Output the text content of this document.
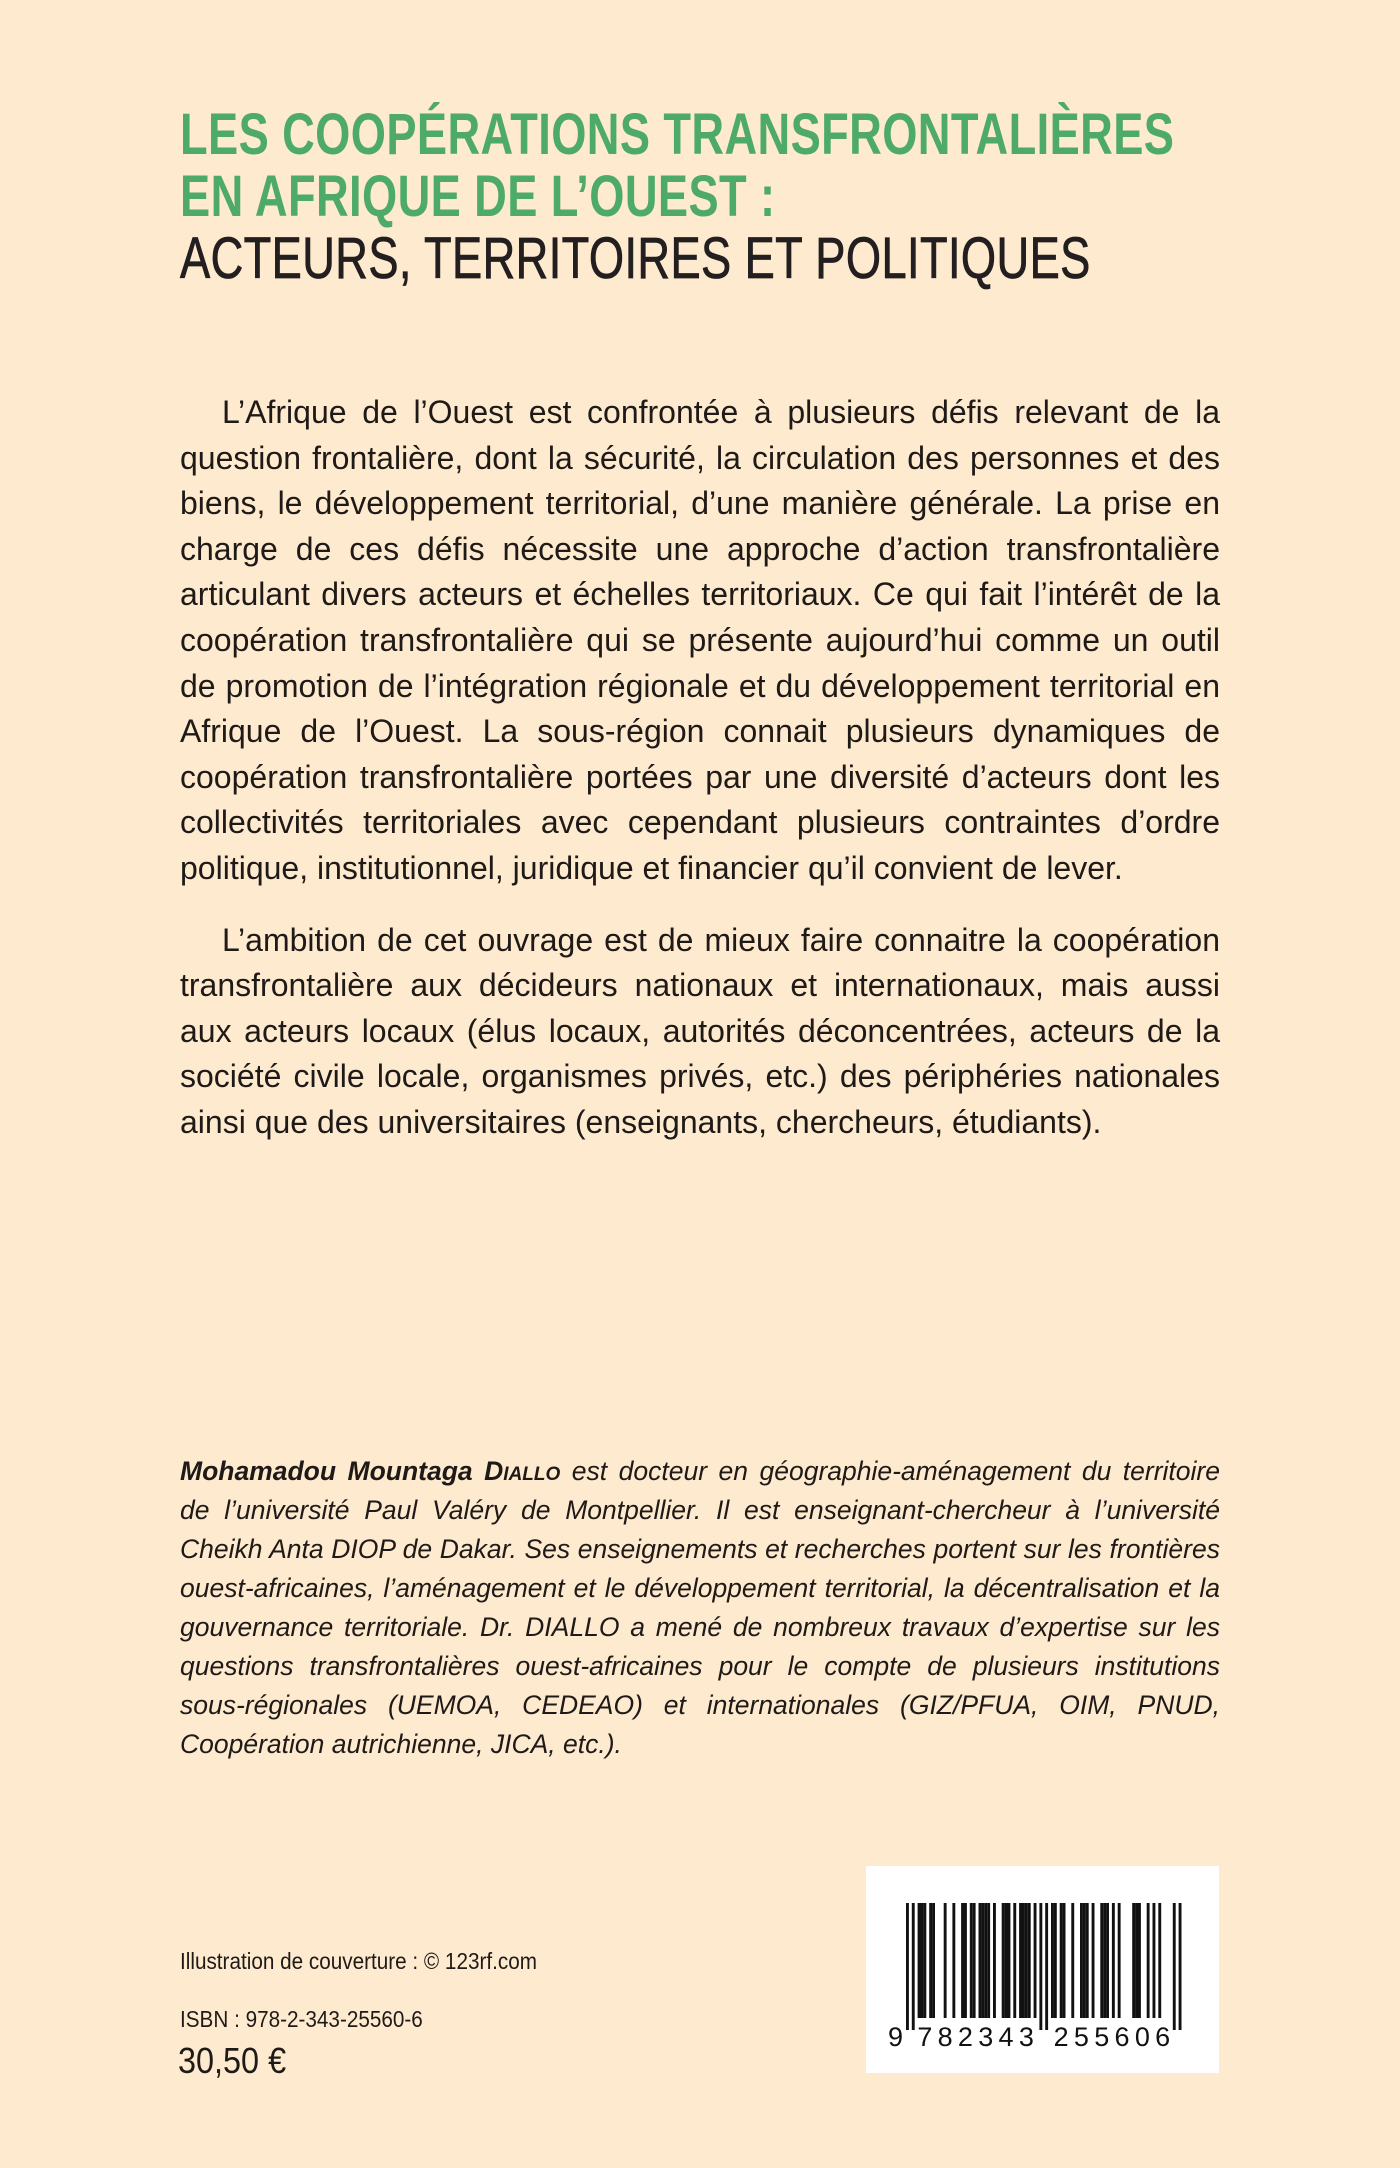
LES COOPÉRATIONS TRANSFRONTALIÈRES
EN AFRIQUE DE L’OUEST :
ACTEURS, TERRITOIRES ET POLITIQUES

L’Afrique de l’Ouest est confrontée à plusieurs défis relevant de la question frontalière, dont la sécurité, la circulation des personnes et des biens, le développement territorial, d’une manière générale. La prise en charge de ces défis nécessite une approche d’action transfrontalière articulant divers acteurs et échelles territoriaux. Ce qui fait l’intérêt de la coopération transfrontalière qui se présente aujourd’hui comme un outil de promotion de l’intégration régionale et du développement territorial en Afrique de l’Ouest. La sous-région connait plusieurs dynamiques de coopération transfrontalière portées par une diversité d’acteurs dont les collectivités territoriales avec cependant plusieurs contraintes d’ordre politique, institutionnel, juridique et financier qu’il convient de lever.

L’ambition de cet ouvrage est de mieux faire connaitre la coopération transfrontalière aux décideurs nationaux et internationaux, mais aussi aux acteurs locaux (élus locaux, autorités déconcentrées, acteurs de la société civile locale, organismes privés, etc.) des périphéries nationales ainsi que des universitaires (enseignants, chercheurs, étudiants).

Mohamadou Mountaga Diallo est docteur en géographie-aménagement du territoire de l’université Paul Valéry de Montpellier. Il est enseignant-chercheur à l’université Cheikh Anta DIOP de Dakar. Ses enseignements et recherches portent sur les frontières ouest-africaines, l’aménagement et le développement territorial, la décentralisation et la gouvernance territoriale. Dr. DIALLO a mené de nombreux travaux d’expertise sur les questions transfrontalières ouest-africaines pour le compte de plusieurs institutions sous-régionales (UEMOA, CEDEAO) et internationales (GIZ/PFUA, OIM, PNUD, Coopération autrichienne, JICA, etc.).
Illustration de couverture : © 123rf.com
ISBN : 978-2-343-25560-6
30,50 €
9 7 8 2 3 4 3 2 5 5 6 0 6
